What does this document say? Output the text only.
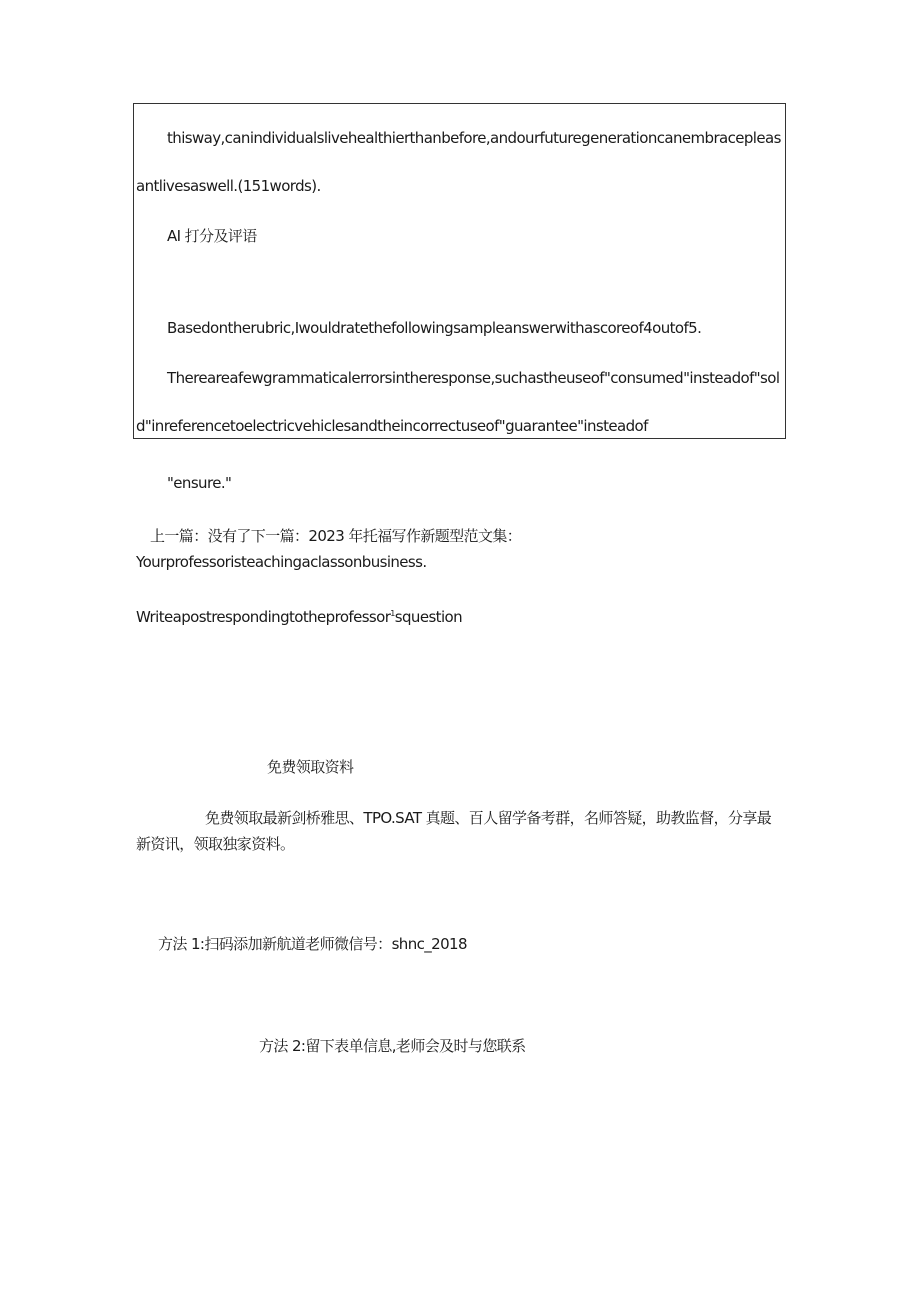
thisway,canindividualslivehealthierthanbefore,andourfuturegenerationcanembracepleas
antlivesaswell.(151words).
AI 打分及评语
Basedontherubric,Iwouldratethefollowingsampleanswerwithascoreof4outof5.
Thereareafewgrammaticalerrorsintheresponse,suchastheuseof"consumed"insteadof"sol
d"inreferencetoelectricvehiclesandtheincorrectuseof"guarantee"insteadof
"ensure."
上一篇：没有了下一篇：2023 年托福写作新题型范文集：
Yourprofessoristeachingaclassonbusiness.
Writeapostrespondingtotheprofessor$^1$squestion
免费领取资料
免费领取最新剑桥雅思、TPO.SAT 真题、百人留学备考群，名师答疑，助教监督，分享最
新资讯，领取独家资料。
方法 1:扫码添加新航道老师微信号：shnc_2018
方法 2:留下表单信息,老师会及时与您联系
